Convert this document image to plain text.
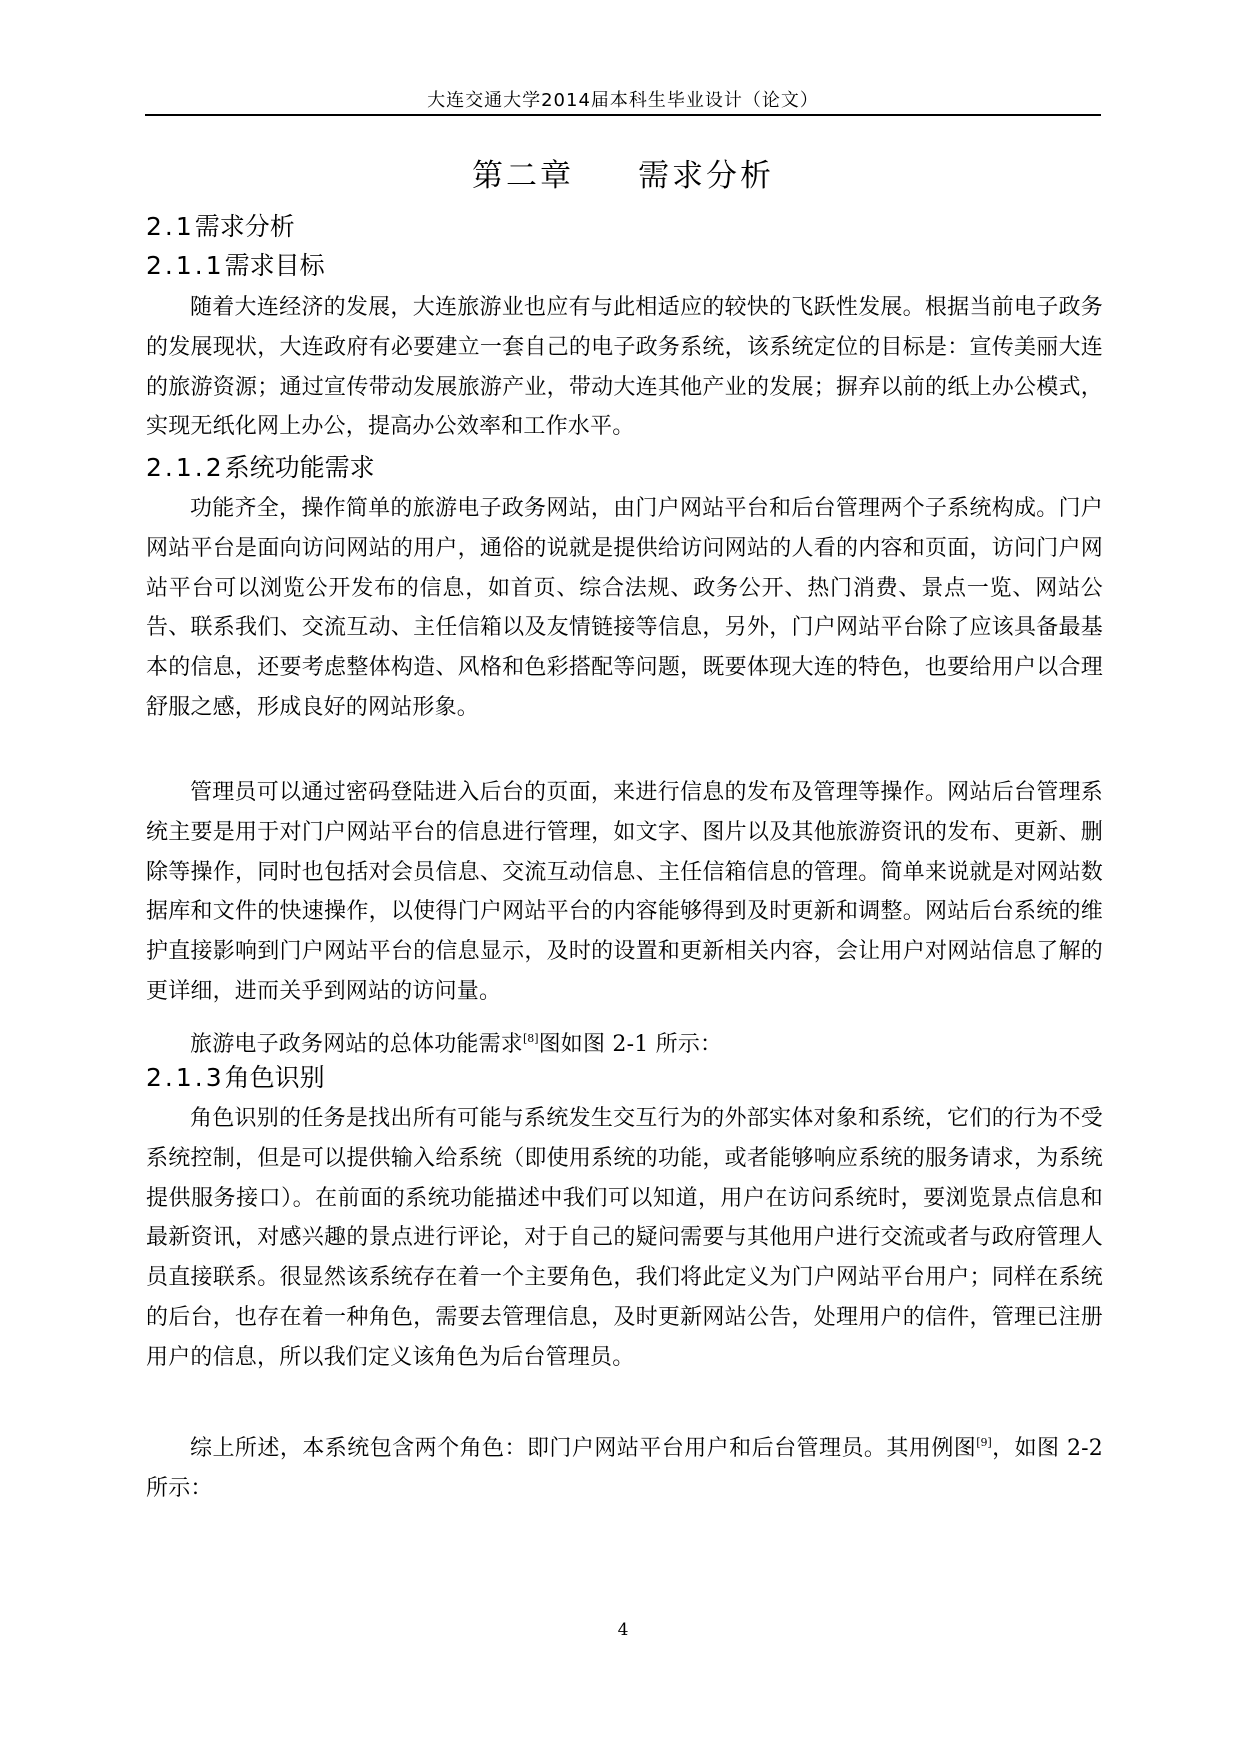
大连交通大学2014届本科生毕业设计（论文）
第二章 需求分析
2.1需求分析
2.1.1需求目标
随着大连经济的发展，大连旅游业也应有与此相适应的较快的飞跃性发展。根据当前电子政务的发展现状，大连政府有必要建立一套自己的电子政务系统，该系统定位的目标是：宣传美丽大连的旅游资源；通过宣传带动发展旅游产业，带动大连其他产业的发展；摒弃以前的纸上办公模式，实现无纸化网上办公，提高办公效率和工作水平。
2.1.2系统功能需求
功能齐全，操作简单的旅游电子政务网站，由门户网站平台和后台管理两个子系统构成。门户网站平台是面向访问网站的用户，通俗的说就是提供给访问网站的人看的内容和页面，访问门户网站平台可以浏览公开发布的信息，如首页、综合法规、政务公开、热门消费、景点一览、网站公告、联系我们、交流互动、主任信箱以及友情链接等信息，另外，门户网站平台除了应该具备最基本的信息，还要考虑整体构造、风格和色彩搭配等问题，既要体现大连的特色，也要给用户以合理舒服之感，形成良好的网站形象。
管理员可以通过密码登陆进入后台的页面，来进行信息的发布及管理等操作。网站后台管理系统主要是用于对门户网站平台的信息进行管理，如文字、图片以及其他旅游资讯的发布、更新、删除等操作，同时也包括对会员信息、交流互动信息、主任信箱信息的管理。简单来说就是对网站数据库和文件的快速操作，以使得门户网站平台的内容能够得到及时更新和调整。网站后台系统的维护直接影响到门户网站平台的信息显示，及时的设置和更新相关内容，会让用户对网站信息了解的更详细，进而关乎到网站的访问量。
旅游电子政务网站的总体功能需求[8]图如图 2-1 所示：
2.1.3角色识别
角色识别的任务是找出所有可能与系统发生交互行为的外部实体对象和系统，它们的行为不受系统控制，但是可以提供输入给系统（即使用系统的功能，或者能够响应系统的服务请求，为系统提供服务接口）。在前面的系统功能描述中我们可以知道，用户在访问系统时，要浏览景点信息和最新资讯，对感兴趣的景点进行评论，对于自己的疑问需要与其他用户进行交流或者与政府管理人员直接联系。很显然该系统存在着一个主要角色，我们将此定义为门户网站平台用户；同样在系统的后台，也存在着一种角色，需要去管理信息，及时更新网站公告，处理用户的信件，管理已注册用户的信息，所以我们定义该角色为后台管理员。
综上所述，本系统包含两个角色：即门户网站平台用户和后台管理员。其用例图[9]，如图 2-2 所示：
4
